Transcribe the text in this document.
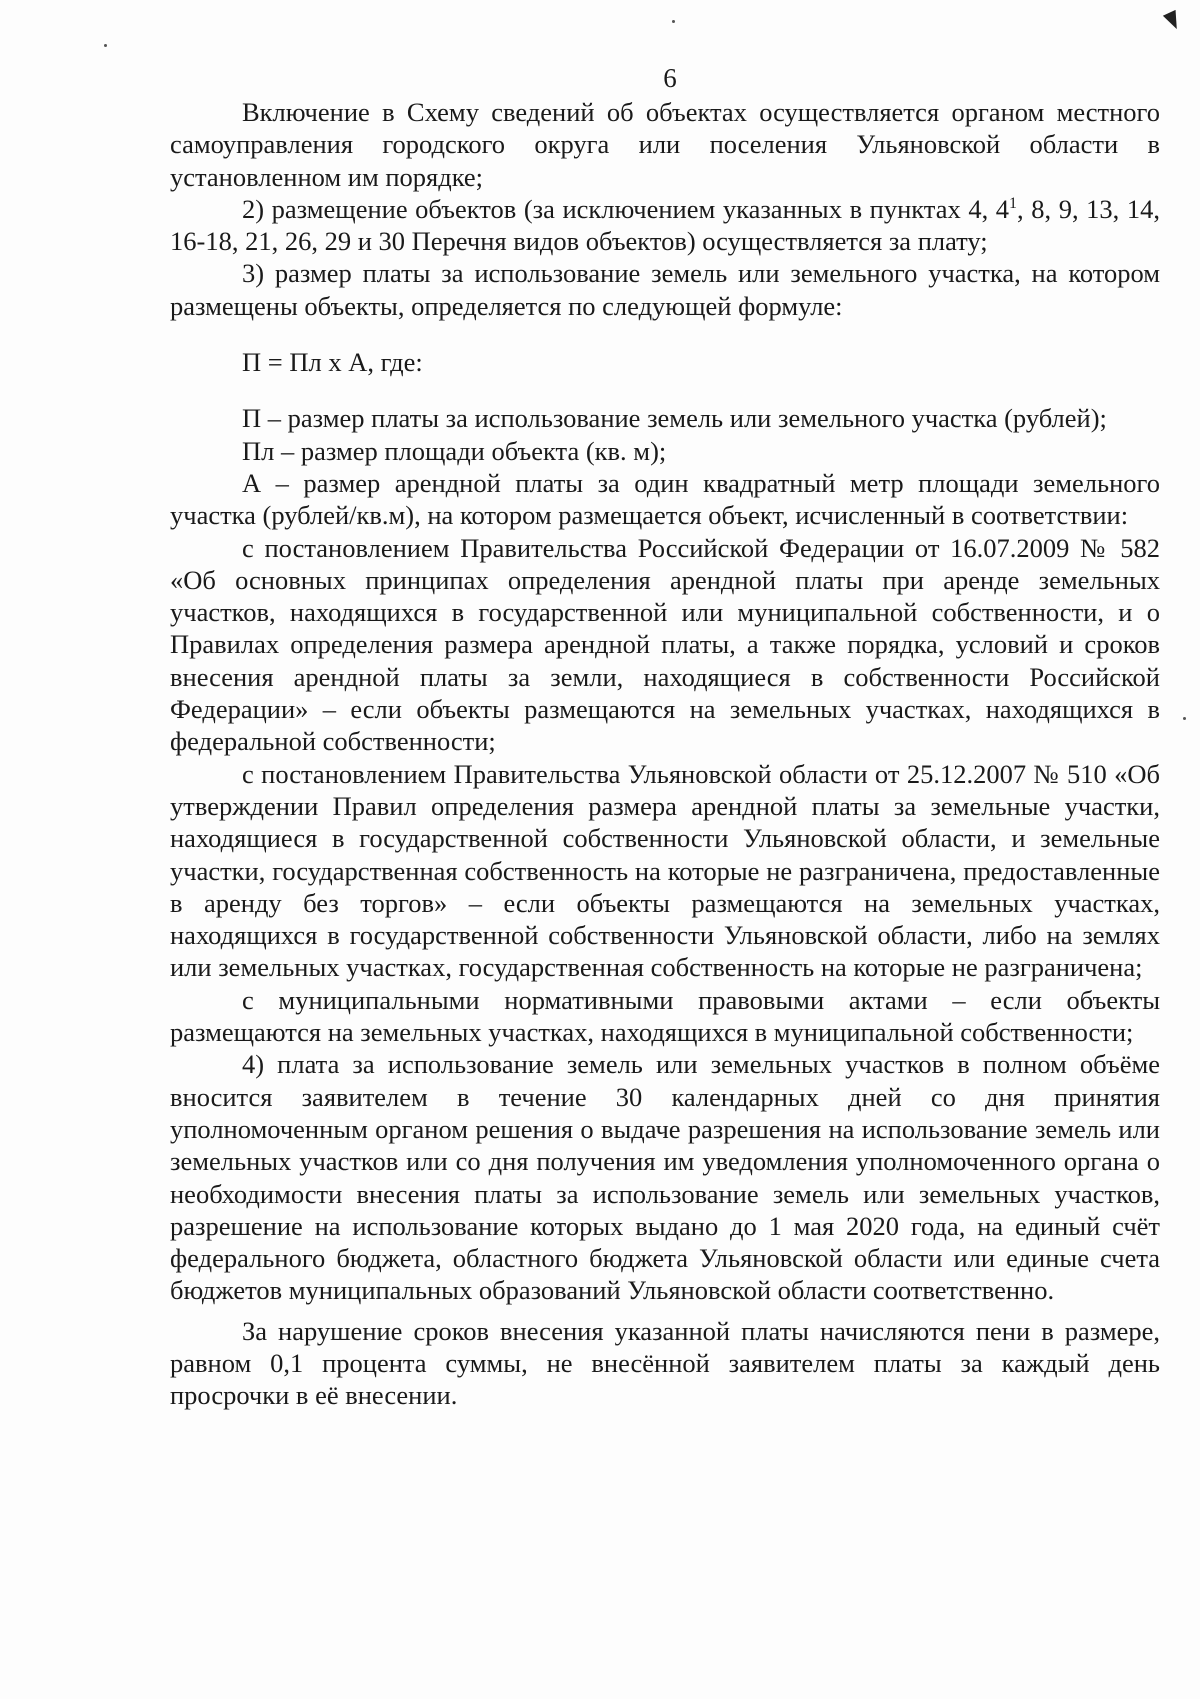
6

Включение в Схему сведений об объектах осуществляется органом местного самоуправления городского округа или поселения Ульяновской области в установленном им порядке;

2) размещение объектов (за исключением указанных в пунктах 4, $4^1$, 8, 9, 13, 14, 16-18, 21, 26, 29 и 30 Перечня видов объектов) осуществляется за плату;

3) размер платы за использование земель или земельного участка, на котором размещены объекты, определяется по следующей формуле:

П = Пл х А, где:

П – размер платы за использование земель или земельного участка (рублей);

Пл – размер площади объекта (кв. м);

А – размер арендной платы за один квадратный метр площади земельного участка (рублей/кв.м), на котором размещается объект, исчисленный в соответствии:

с постановлением Правительства Российской Федерации от 16.07.2009 № 582 «Об основных принципах определения арендной платы при аренде земельных участков, находящихся в государственной или муниципальной собственности, и о Правилах определения размера арендной платы, а также порядка, условий и сроков внесения арендной платы за земли, находящиеся в собственности Российской Федерации» – если объекты размещаются на земельных участках, находящихся в федеральной собственности;

с постановлением Правительства Ульяновской области от 25.12.2007 № 510 «Об утверждении Правил определения размера арендной платы за земельные участки, находящиеся в государственной собственности Ульяновской области, и земельные участки, государственная собственность на которые не разграничена, предоставленные в аренду без торгов» – если объекты размещаются на земельных участках, находящихся в государственной собственности Ульяновской области, либо на землях или земельных участках, государственная собственность на которые не разграничена;

с муниципальными нормативными правовыми актами – если объекты размещаются на земельных участках, находящихся в муниципальной собственности;

4) плата за использование земель или земельных участков в полном объёме вносится заявителем в течение 30 календарных дней со дня принятия уполномоченным органом решения о выдаче разрешения на использование земель или земельных участков или со дня получения им уведомления уполномоченного органа о необходимости внесения платы за использование земель или земельных участков, разрешение на использование которых выдано до 1 мая 2020 года, на единый счёт федерального бюджета, областного бюджета Ульяновской области или единые счета бюджетов муниципальных образований Ульяновской области соответственно.

За нарушение сроков внесения указанной платы начисляются пени в размере, равном 0,1 процента суммы, не внесённой заявителем платы за каждый день просрочки в её внесении.
